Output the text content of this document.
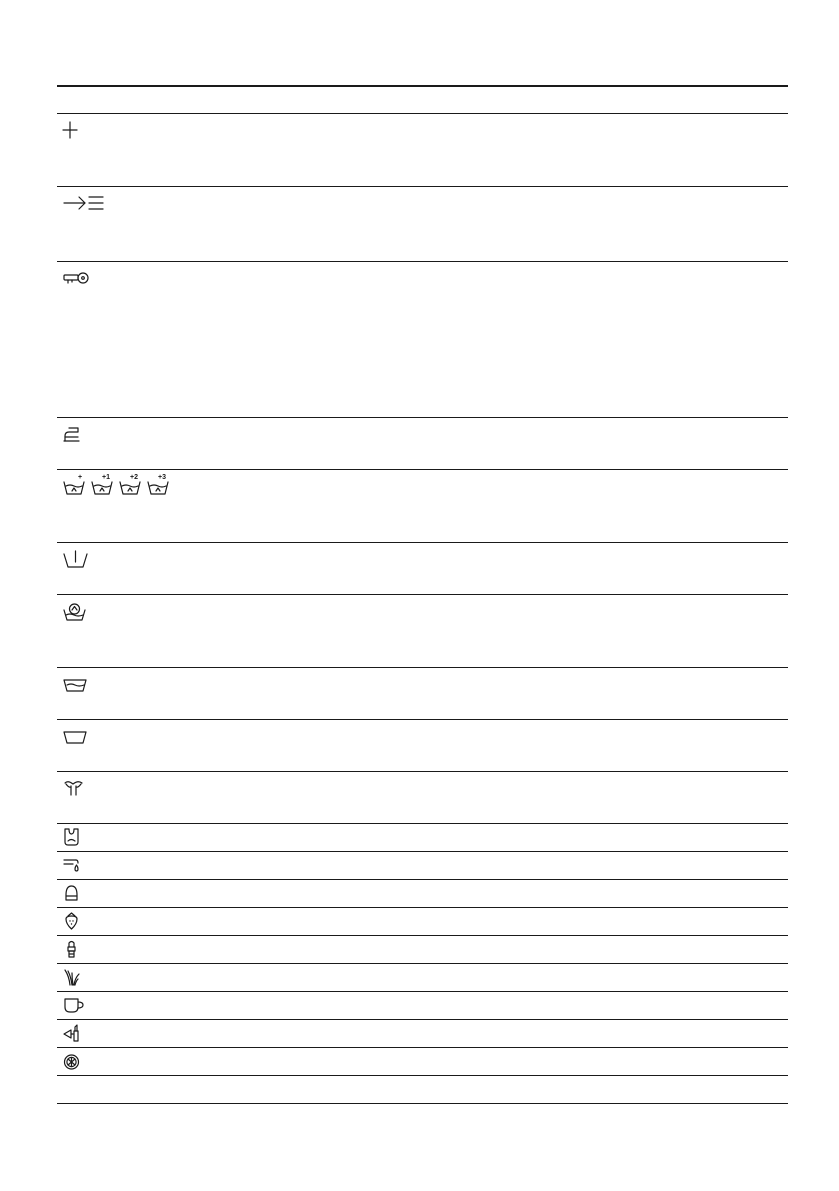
+	+1	+2	+3
